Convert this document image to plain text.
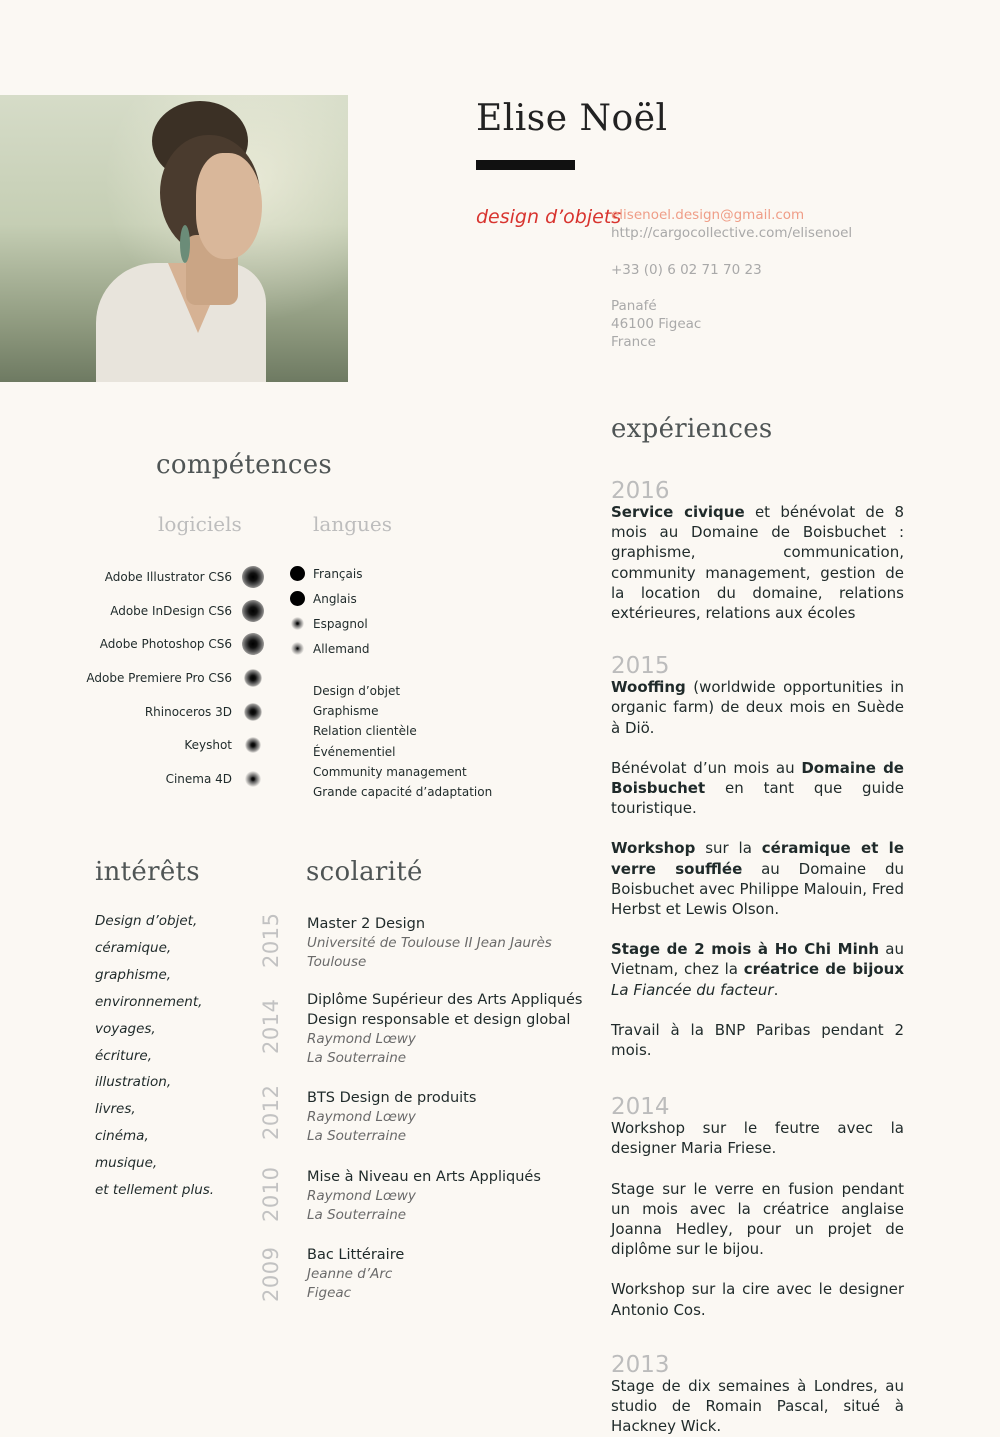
Elise Noël
design d’objets
elisenoel.design@gmail.com
http://cargocollective.com/elisenoel
+33 (0) 6 02 71 70 23
Panafé
46100 Figeac
France
compétences
logiciels	langues
Adobe Illustrator CS6
Adobe InDesign CS6
Adobe Photoshop CS6
Adobe Premiere Pro CS6
Rhinoceros 3D
Keyshot
Cinema 4D
Français
Anglais
Espagnol
Allemand
Design d’objet
Graphisme
Relation clientèle
Événementiel
Community management
Grande capacité d’adaptation
intérêts
Design d’objet,
céramique,
graphisme,
environnement,
voyages,
écriture,
illustration,
livres,
cinéma,
musique,
et tellement plus.
scolarité
2015 Master 2 Design
Université de Toulouse II Jean Jaurès
Toulouse
2014 Diplôme Supérieur des Arts Appliqués
Design responsable et design global
Raymond Lœwy
La Souterraine
2012 BTS Design de produits
Raymond Lœwy
La Souterraine
2010 Mise à Niveau en Arts Appliqués
Raymond Lœwy
La Souterraine
2009 Bac Littéraire
Jeanne d’Arc
Figeac
expériences
2016

Service civique et bénévolat de 8 mois au Domaine de Boisbuchet : graphisme, communication, community management, gestion de la location du domaine, relations extérieures, relations aux écoles

2015

Wooffing (worldwide opportunities in organic farm) de deux mois en Suède à Diö.

Bénévolat d’un mois au Domaine de Boisbuchet en tant que guide touristique.

Workshop sur la céramique et le verre soufflée au Domaine du Boisbuchet avec Philippe Malouin, Fred Herbst et Lewis Olson.

Stage de 2 mois à Ho Chi Minh au Vietnam, chez la créatrice de bijoux La Fiancée du facteur.

Travail à la BNP Paribas pendant 2 mois.

2014

Workshop sur le feutre avec la designer Maria Friese.

Stage sur le verre en fusion pendant un mois avec la créatrice anglaise Joanna Hedley, pour un projet de diplôme sur le bijou.

Workshop sur la cire avec le designer Antonio Cos.

2013

Stage de dix semaines à Londres, au studio de Romain Pascal, situé à Hackney Wick.
